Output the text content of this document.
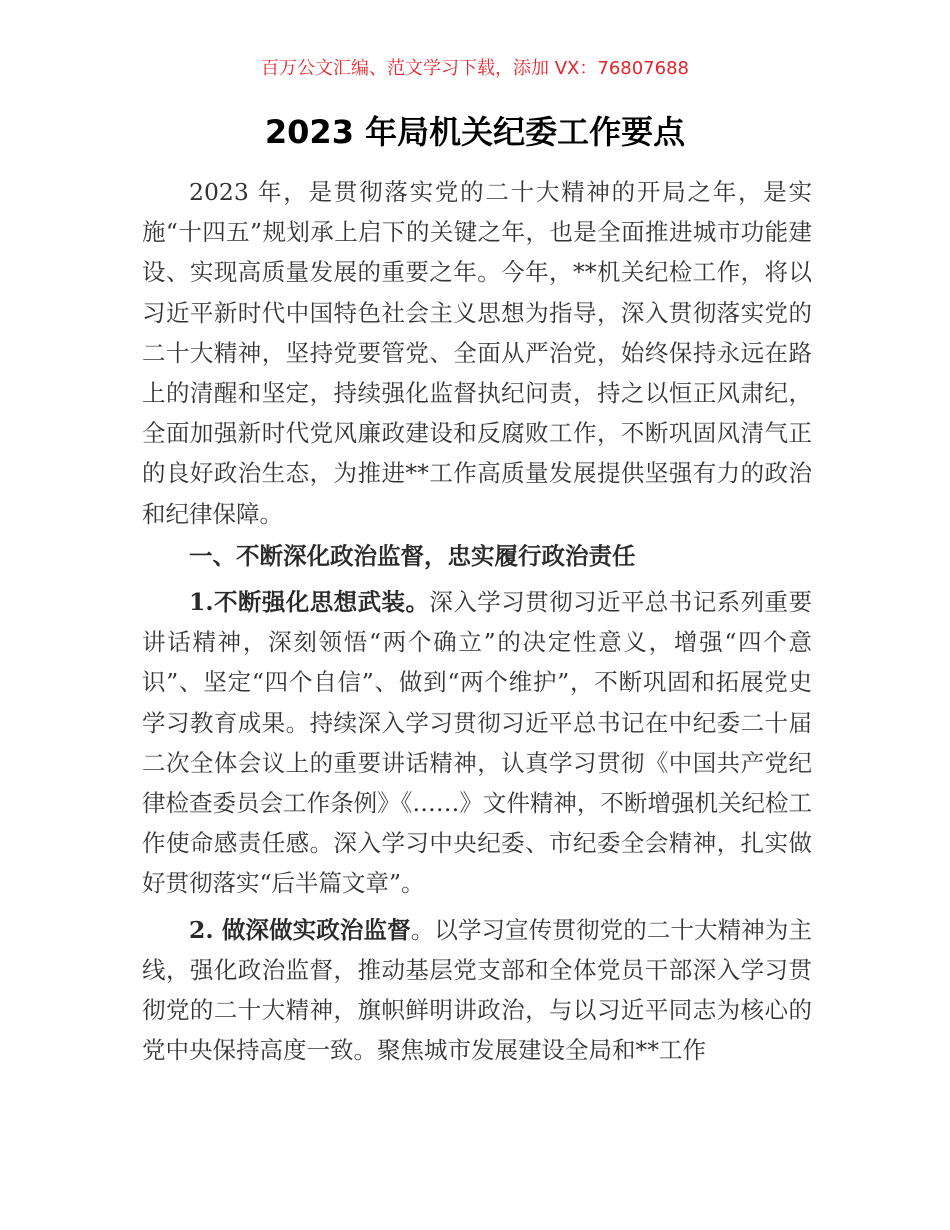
百万公文汇编、范文学习下载，添加 VX：76807688
2023 年局机关纪委工作要点

2023 年，是贯彻落实党的二十大精神的开局之年，是实施“十四五”规划承上启下的关键之年，也是全面推进城市功能建设、实现高质量发展的重要之年。今年，**机关纪检工作，将以习近平新时代中国特色社会主义思想为指导，深入贯彻落实党的二十大精神，坚持党要管党、全面从严治党，始终保持永远在路上的清醒和坚定，持续强化监督执纪问责，持之以恒正风肃纪，全面加强新时代党风廉政建设和反腐败工作，不断巩固风清气正的良好政治生态，为推进**工作高质量发展提供坚强有力的政治和纪律保障。

一、不断深化政治监督，忠实履行政治责任

1.不断强化思想武装。深入学习贯彻习近平总书记系列重要讲话精神，深刻领悟“两个确立”的决定性意义，增强“四个意识”、坚定“四个自信”、做到“两个维护”，不断巩固和拓展党史学习教育成果。持续深入学习贯彻习近平总书记在中纪委二十届二次全体会议上的重要讲话精神，认真学习贯彻《中国共产党纪律检查委员会工作条例》《……》文件精神，不断增强机关纪检工作使命感责任感。深入学习中央纪委、市纪委全会精神，扎实做好贯彻落实“后半篇文章”。

2. 做深做实政治监督。以学习宣传贯彻党的二十大精神为主线，强化政治监督，推动基层党支部和全体党员干部深入学习贯彻党的二十大精神，旗帜鲜明讲政治，与以习近平同志为核心的党中央保持高度一致。聚焦城市发展建设全局和**工作
